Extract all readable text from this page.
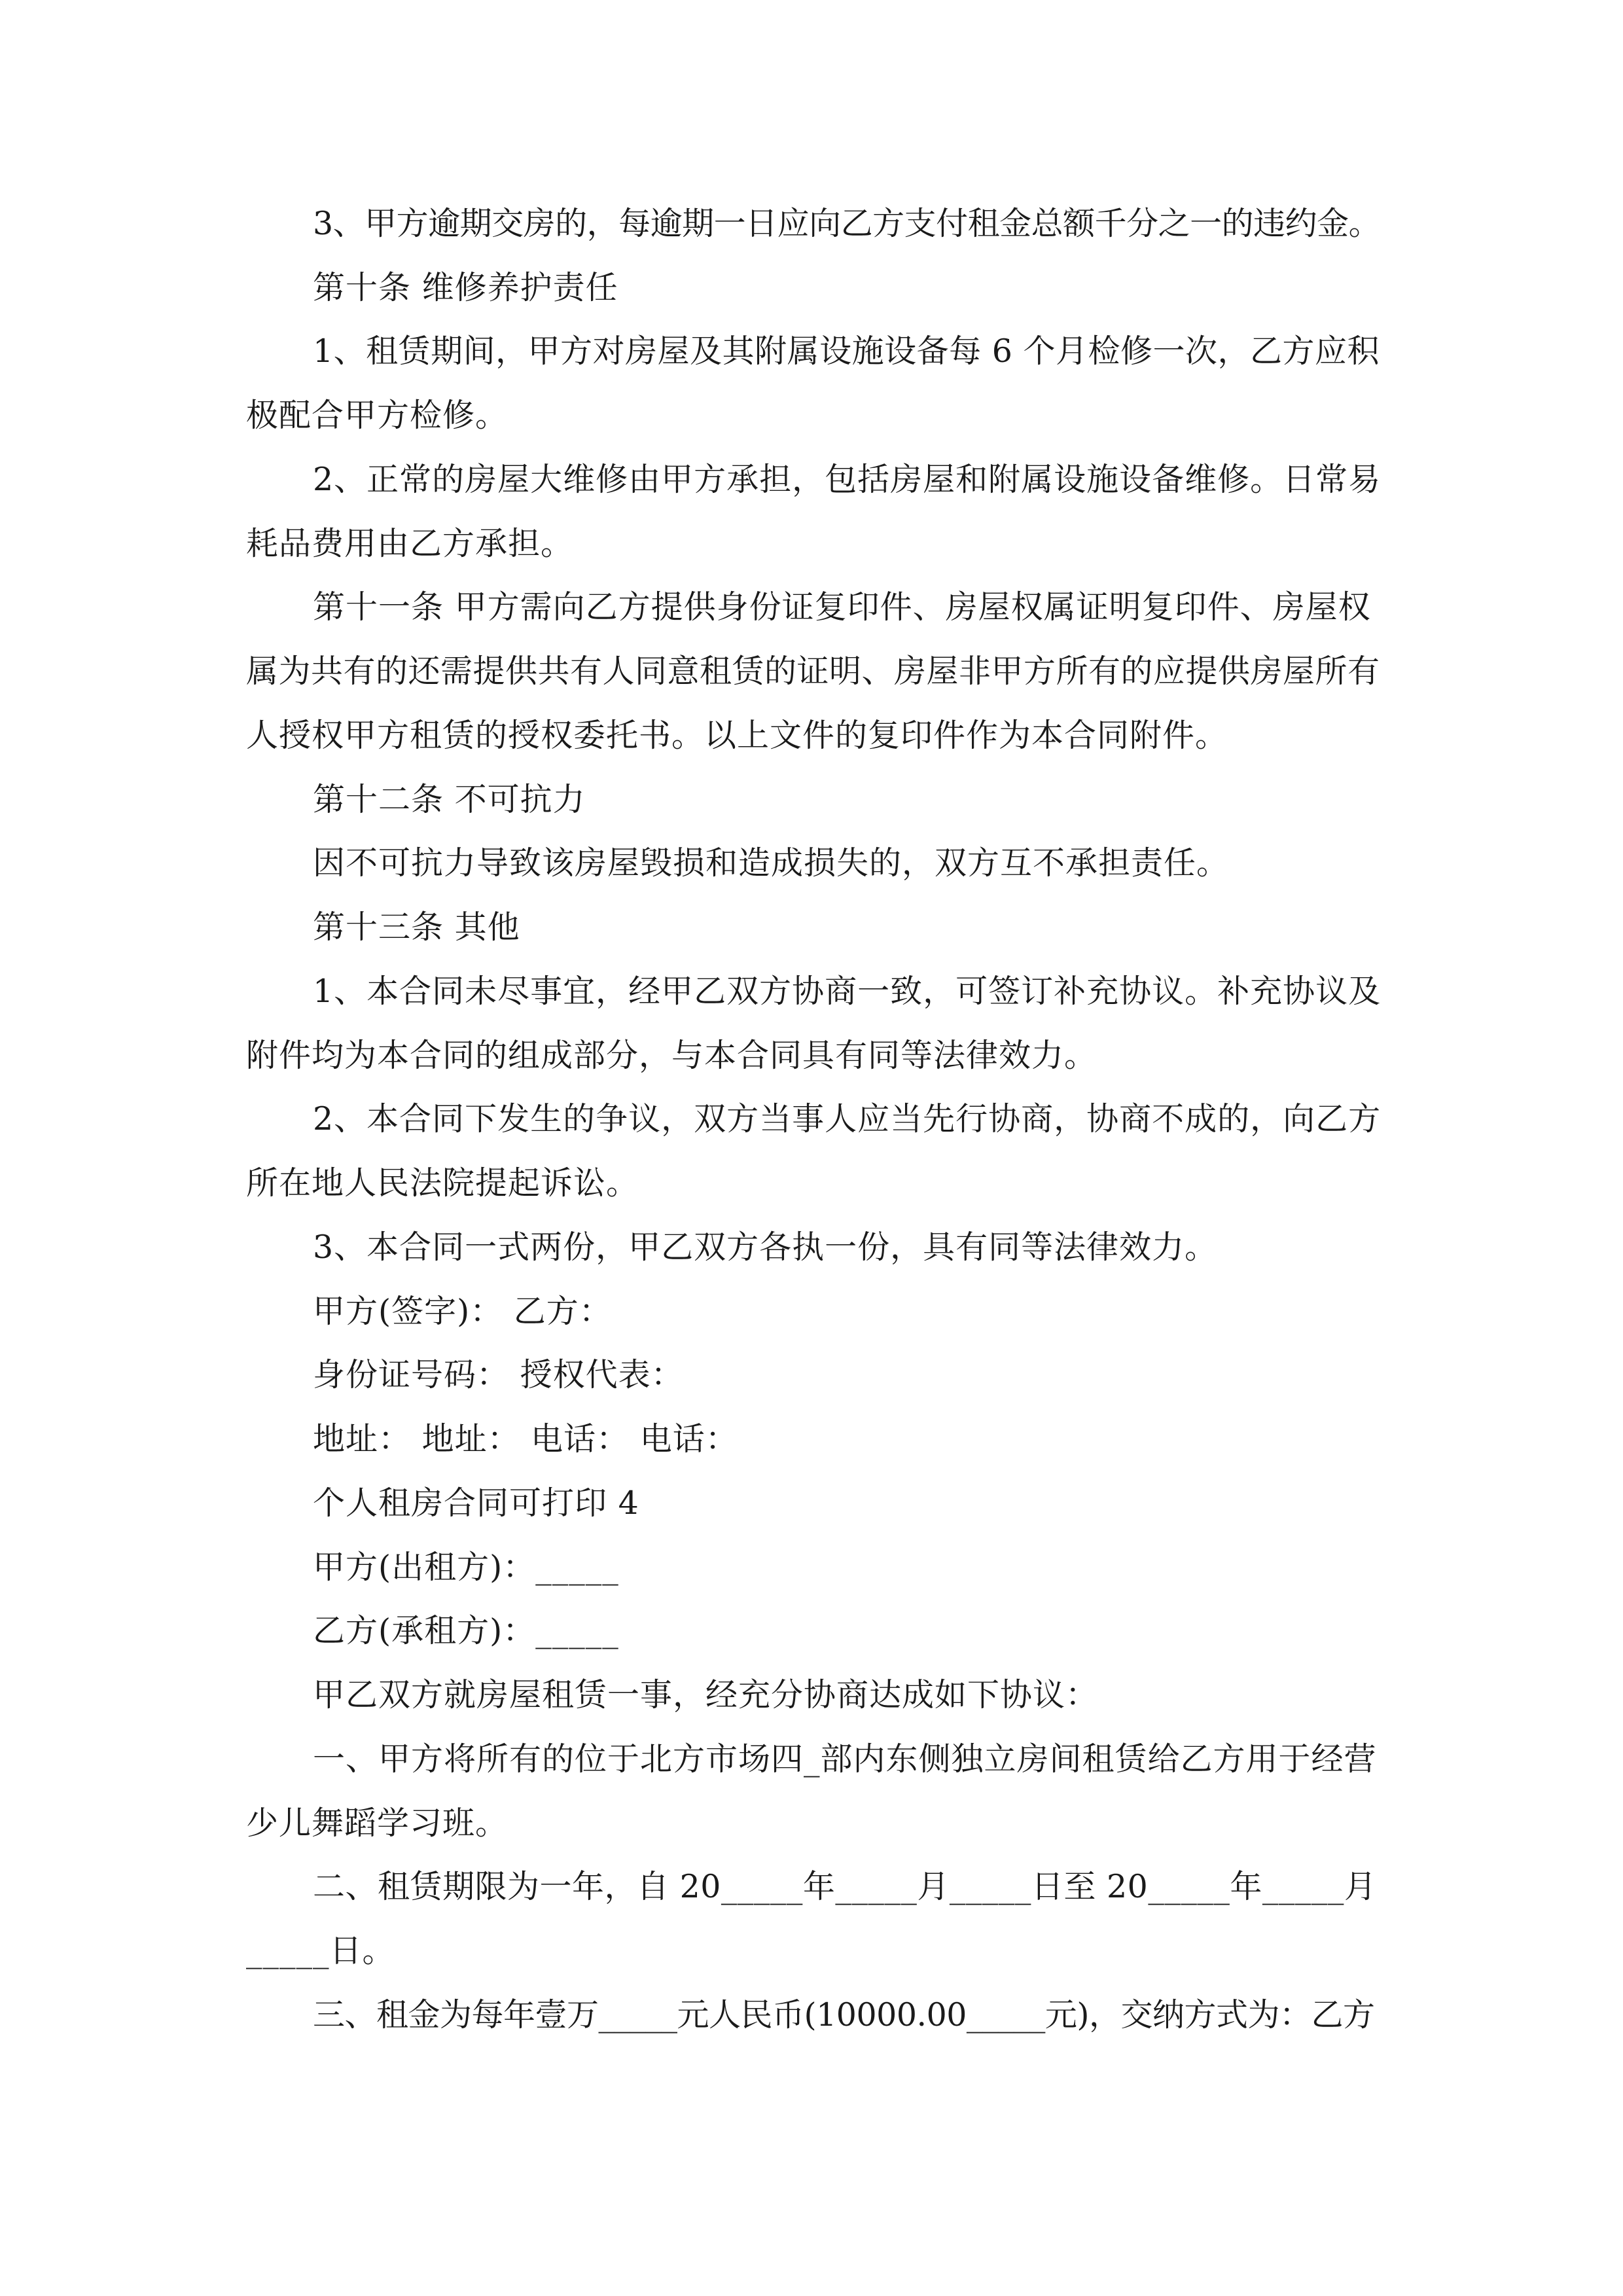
3、甲方逾期交房的，每逾期一日应向乙方支付租金总额千分之一的违约金。
第十条 维修养护责任
1、租赁期间，甲方对房屋及其附属设施设备每 6 个月检修一次，乙方应积
极配合甲方检修。
2、正常的房屋大维修由甲方承担，包括房屋和附属设施设备维修。日常易
耗品费用由乙方承担。
第十一条 甲方需向乙方提供身份证复印件、房屋权属证明复印件、房屋权
属为共有的还需提供共有人同意租赁的证明、房屋非甲方所有的应提供房屋所有
人授权甲方租赁的授权委托书。以上文件的复印件作为本合同附件。
第十二条 不可抗力
因不可抗力导致该房屋毁损和造成损失的，双方互不承担责任。
第十三条 其他
1、本合同未尽事宜，经甲乙双方协商一致，可签订补充协议。补充协议及
附件均为本合同的组成部分，与本合同具有同等法律效力。
2、本合同下发生的争议，双方当事人应当先行协商，协商不成的，向乙方
所在地人民法院提起诉讼。
3、本合同一式两份，甲乙双方各执一份，具有同等法律效力。
甲方(签字)： 乙方：
身份证号码： 授权代表：
地址： 地址： 电话： 电话：
个人租房合同可打印 4
甲方(出租方)：_____
乙方(承租方)：_____
甲乙双方就房屋租赁一事，经充分协商达成如下协议：
一、甲方将所有的位于北方市场四_部内东侧独立房间租赁给乙方用于经营
少儿舞蹈学习班。
二、租赁期限为一年，自 20_____年_____月_____日至 20_____年_____月
_____日。
三、租金为每年壹万_____元人民币(10000.00_____元)，交纳方式为：乙方
